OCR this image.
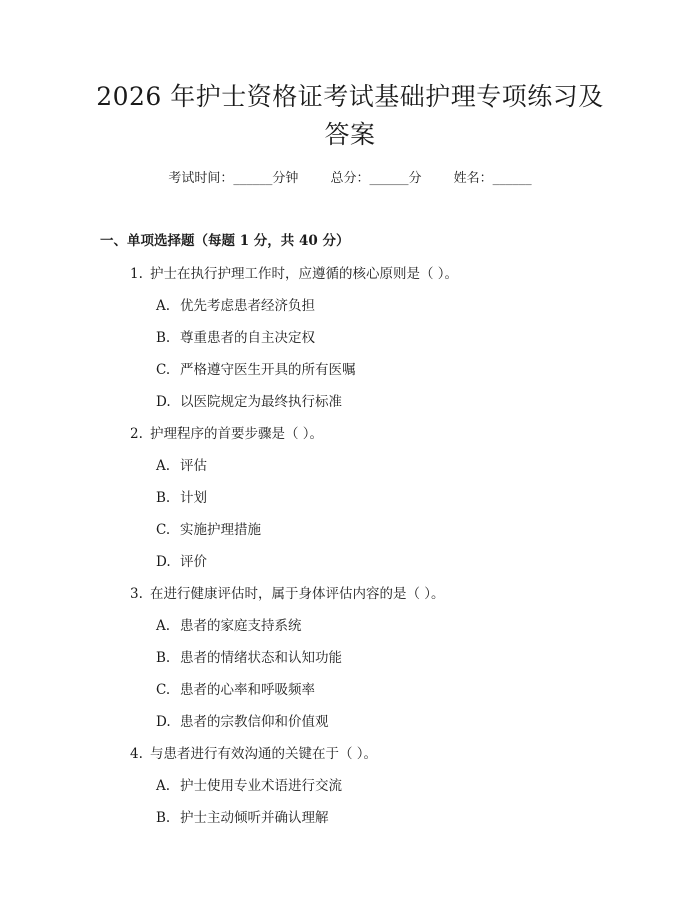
2026 年护士资格证考试基础护理专项练习及
答案
考试时间：______分钟 总分：______分 姓名：______
一、单项选择题（每题 1 分，共 40 分）
1. 护士在执行护理工作时，应遵循的核心原则是（ ）。
A. 优先考虑患者经济负担
B. 尊重患者的自主决定权
C. 严格遵守医生开具的所有医嘱
D. 以医院规定为最终执行标准
2. 护理程序的首要步骤是（ ）。
A. 评估
B. 计划
C. 实施护理措施
D. 评价
3. 在进行健康评估时，属于身体评估内容的是（ ）。
A. 患者的家庭支持系统
B. 患者的情绪状态和认知功能
C. 患者的心率和呼吸频率
D. 患者的宗教信仰和价值观
4. 与患者进行有效沟通的关键在于（ ）。
A. 护士使用专业术语进行交流
B. 护士主动倾听并确认理解
